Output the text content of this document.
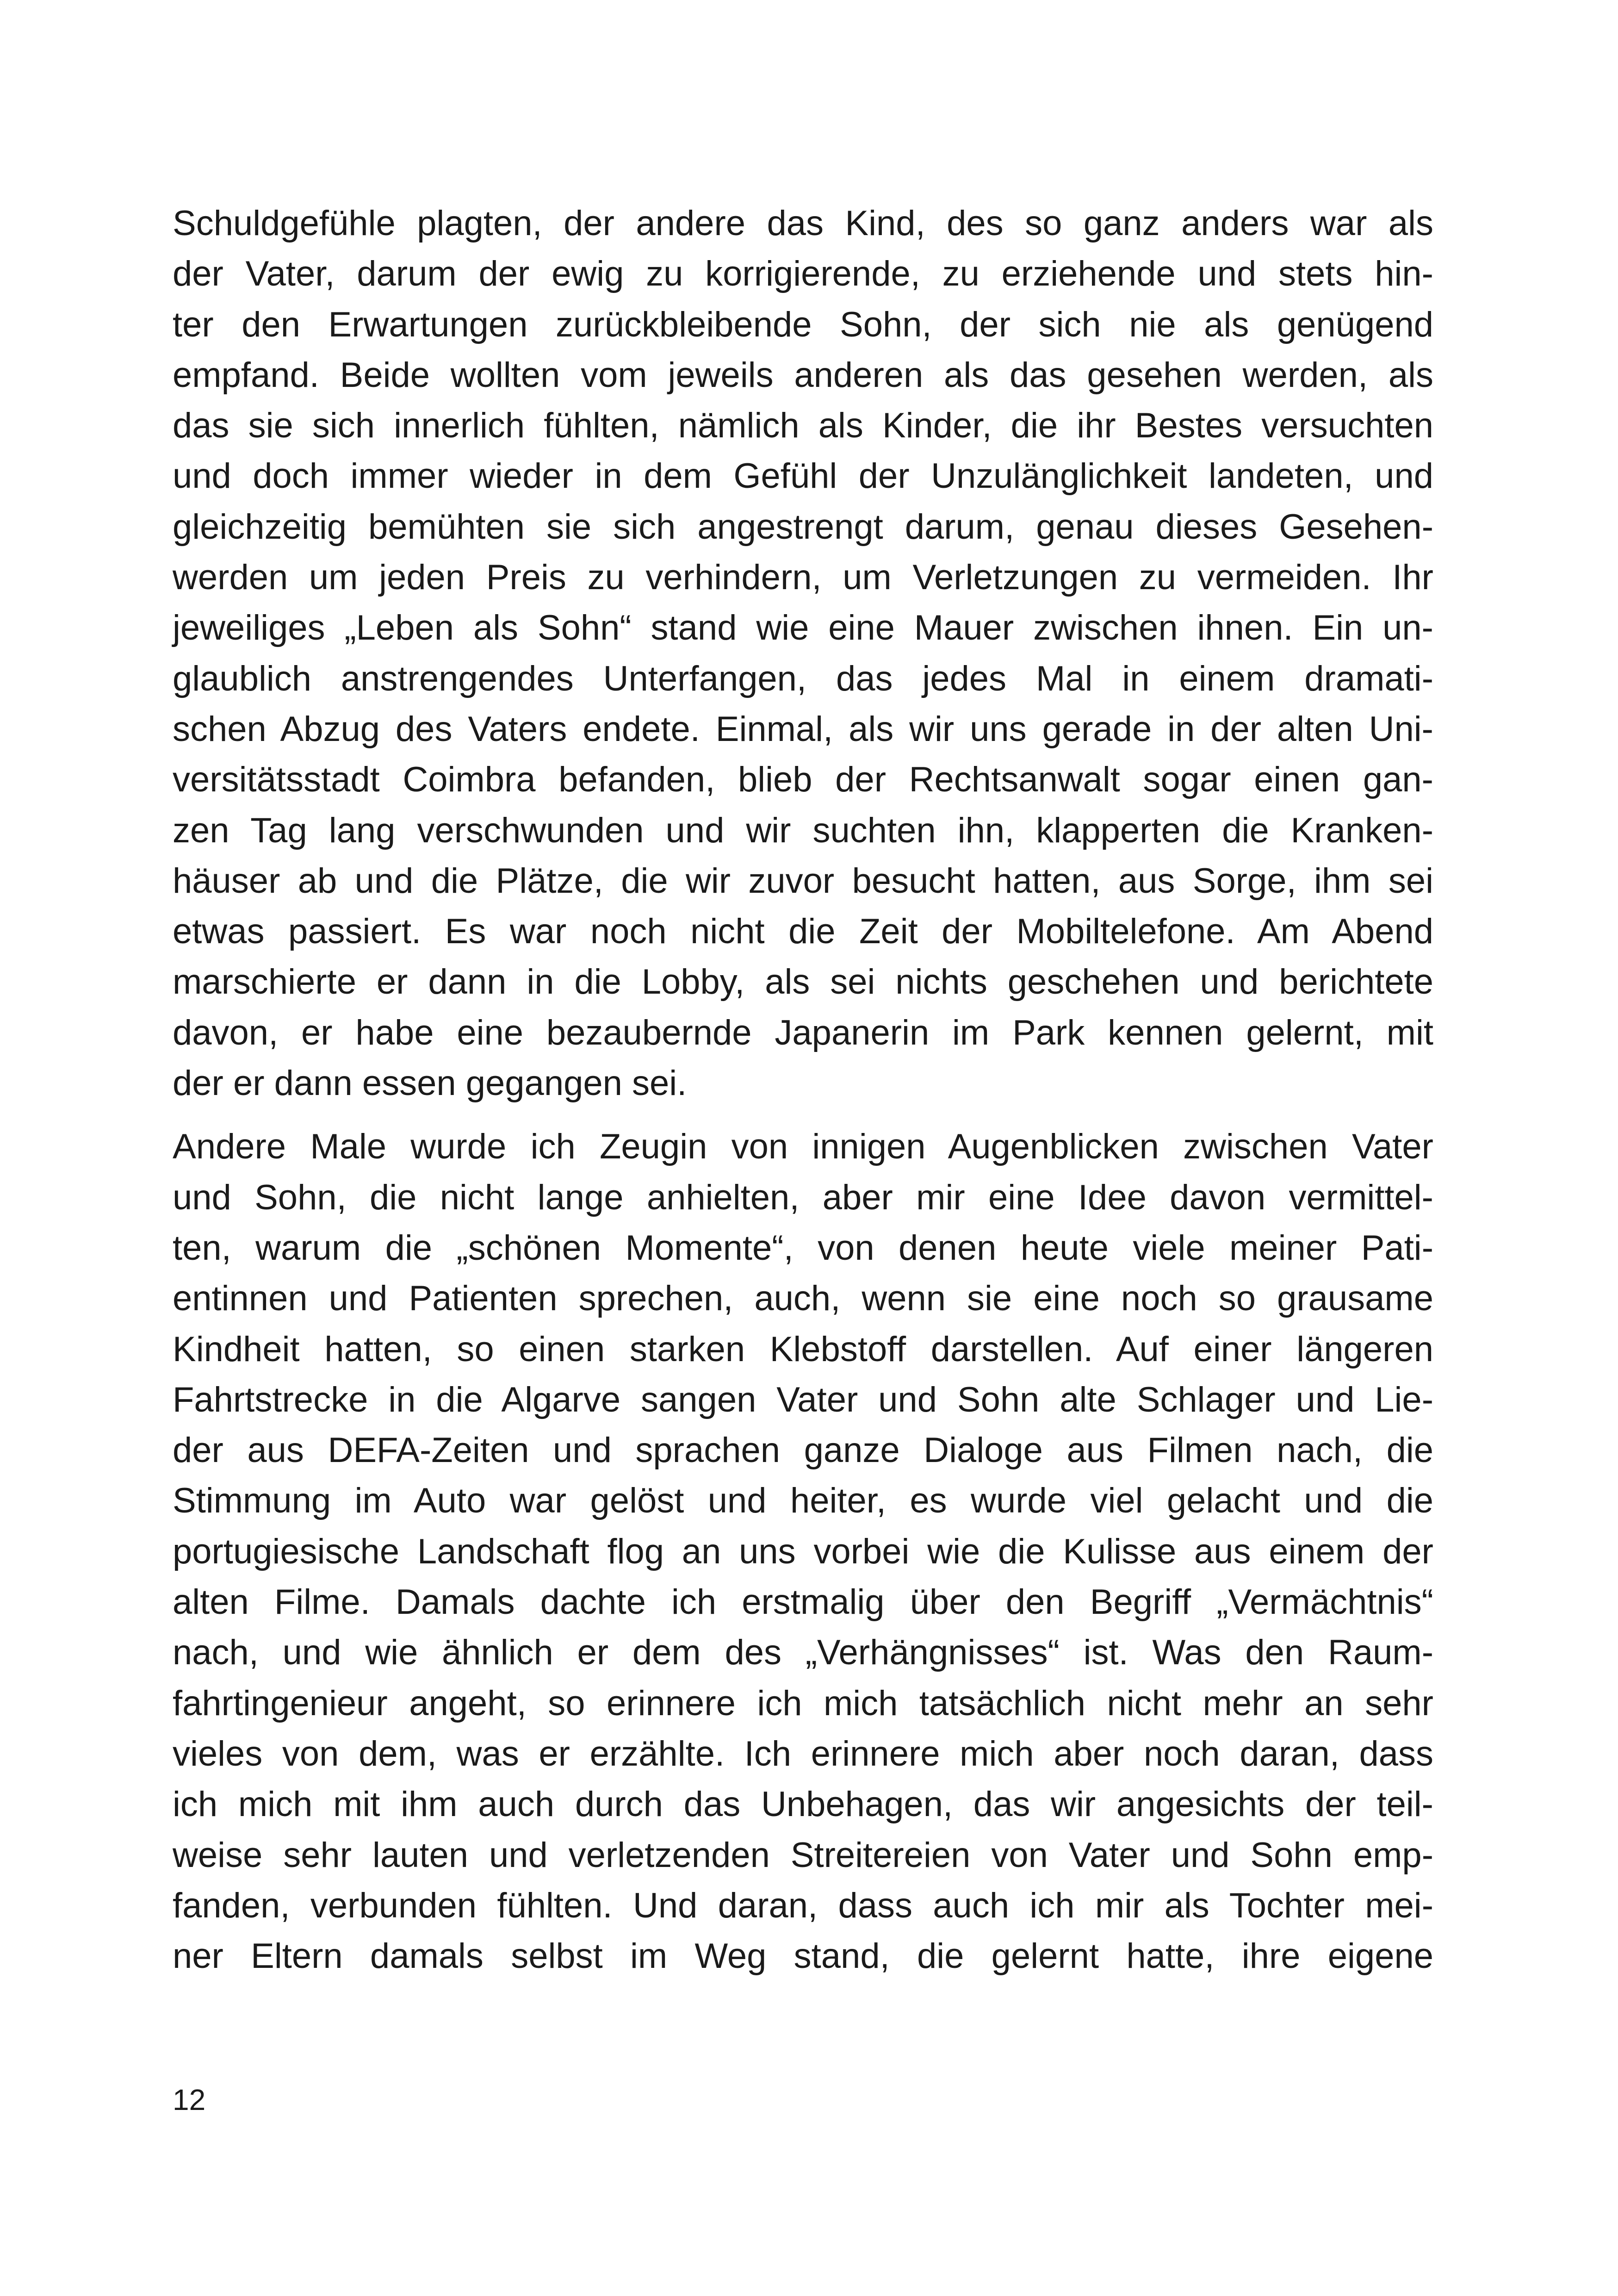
Schuldgefühle plagten, der andere das Kind, des so ganz anders war als
der Vater, darum der ewig zu korrigierende, zu erziehende und stets hin-
ter den Erwartungen zurückbleibende Sohn, der sich nie als genügend
empfand. Beide wollten vom jeweils anderen als das gesehen werden, als
das sie sich innerlich fühlten, nämlich als Kinder, die ihr Bestes versuchten
und doch immer wieder in dem Gefühl der Unzulänglichkeit landeten, und
gleichzeitig bemühten sie sich angestrengt darum, genau dieses Gesehen-
werden um jeden Preis zu verhindern, um Verletzungen zu vermeiden. Ihr
jeweiliges „Leben als Sohn“ stand wie eine Mauer zwischen ihnen. Ein un-
glaublich anstrengendes Unterfangen, das jedes Mal in einem dramati-
schen Abzug des Vaters endete. Einmal, als wir uns gerade in der alten Uni-
versitätsstadt Coimbra befanden, blieb der Rechtsanwalt sogar einen gan-
zen Tag lang verschwunden und wir suchten ihn, klapperten die Kranken-
häuser ab und die Plätze, die wir zuvor besucht hatten, aus Sorge, ihm sei
etwas passiert. Es war noch nicht die Zeit der Mobiltelefone. Am Abend
marschierte er dann in die Lobby, als sei nichts geschehen und berichtete
davon, er habe eine bezaubernde Japanerin im Park kennen gelernt, mit
der er dann essen gegangen sei.
Andere Male wurde ich Zeugin von innigen Augenblicken zwischen Vater
und Sohn, die nicht lange anhielten, aber mir eine Idee davon vermittel-
ten, warum die „schönen Momente“, von denen heute viele meiner Pati-
entinnen und Patienten sprechen, auch, wenn sie eine noch so grausame
Kindheit hatten, so einen starken Klebstoff darstellen. Auf einer längeren
Fahrtstrecke in die Algarve sangen Vater und Sohn alte Schlager und Lie-
der aus DEFA-Zeiten und sprachen ganze Dialoge aus Filmen nach, die
Stimmung im Auto war gelöst und heiter, es wurde viel gelacht und die
portugiesische Landschaft flog an uns vorbei wie die Kulisse aus einem der
alten Filme. Damals dachte ich erstmalig über den Begriff „Vermächtnis“
nach, und wie ähnlich er dem des „Verhängnisses“ ist. Was den Raum-
fahrtingenieur angeht, so erinnere ich mich tatsächlich nicht mehr an sehr
vieles von dem, was er erzählte. Ich erinnere mich aber noch daran, dass
ich mich mit ihm auch durch das Unbehagen, das wir angesichts der teil-
weise sehr lauten und verletzenden Streitereien von Vater und Sohn emp-
fanden, verbunden fühlten. Und daran, dass auch ich mir als Tochter mei-
ner Eltern damals selbst im Weg stand, die gelernt hatte, ihre eigene
12
